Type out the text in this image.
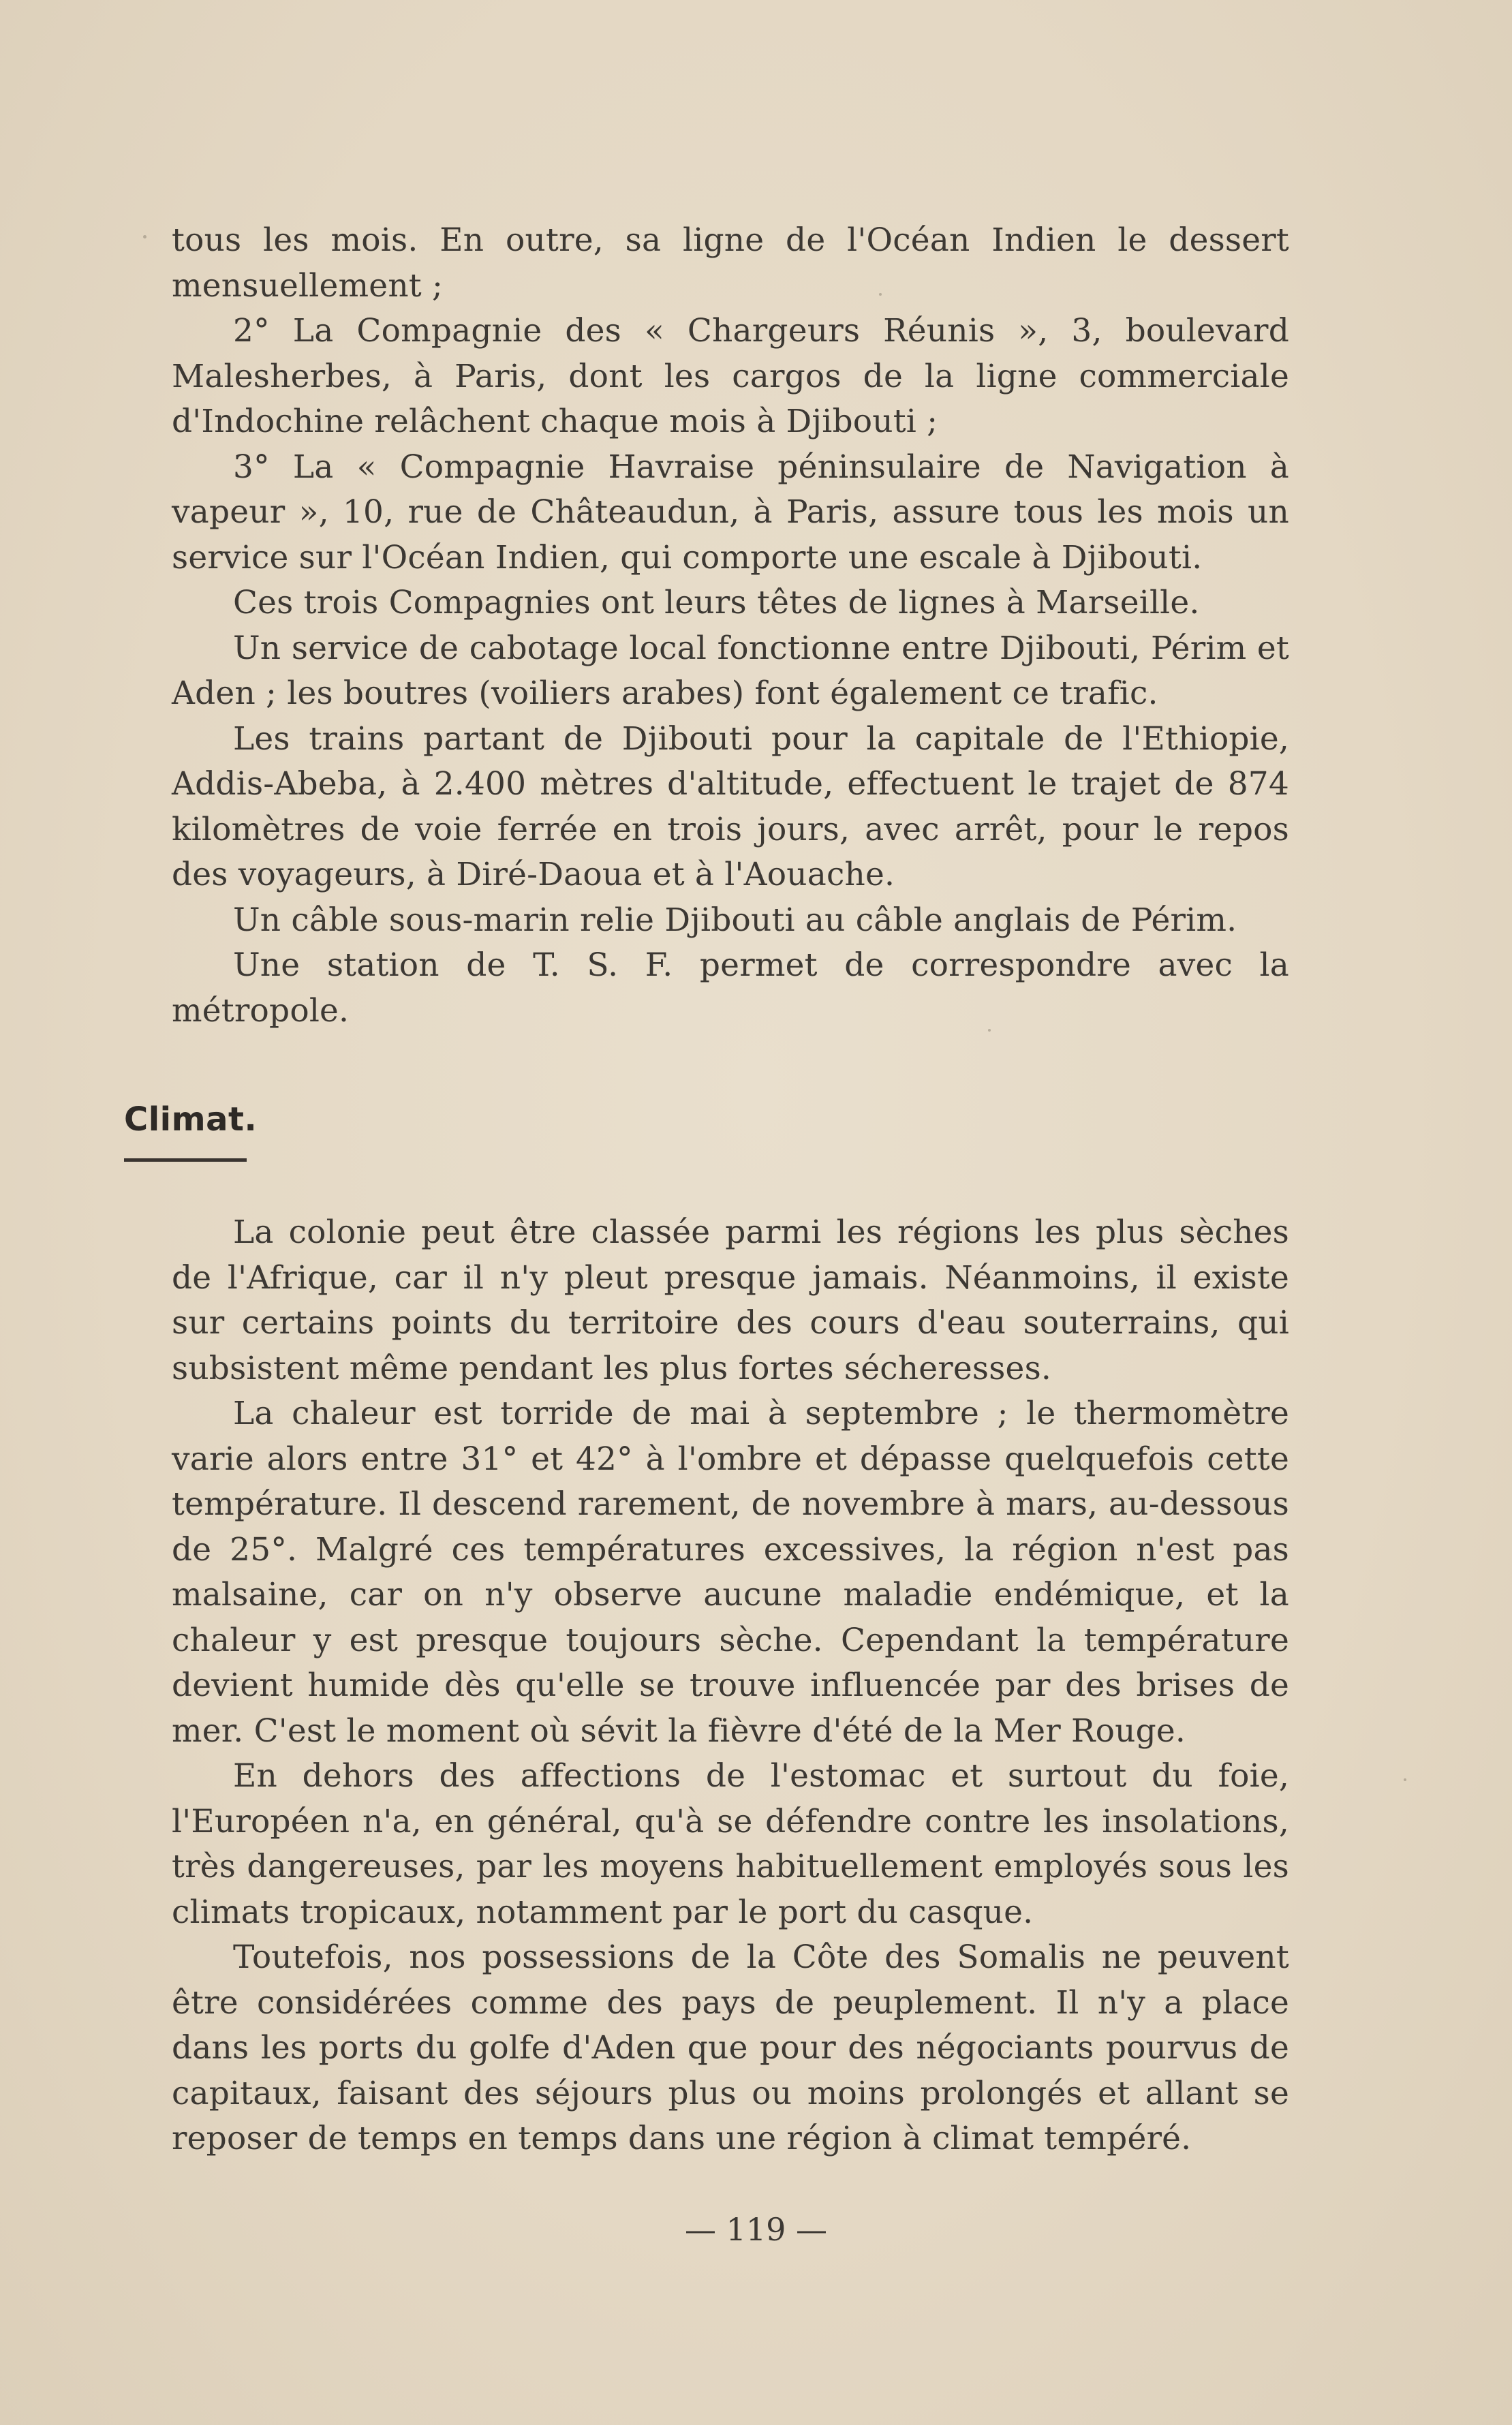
tous les mois. En outre, sa ligne de l'Océan Indien le dessert mensuellement ;

2° La Compagnie des « Chargeurs Réunis », 3, boulevard Malesherbes, à Paris, dont les cargos de la ligne commerciale d'Indochine relâchent chaque mois à Djibouti ;

3° La « Compagnie Havraise péninsulaire de Navigation à vapeur », 10, rue de Châteaudun, à Paris, assure tous les mois un service sur l'Océan Indien, qui comporte une escale à Djibouti.

Ces trois Compagnies ont leurs têtes de lignes à Marseille.

Un service de cabotage local fonctionne entre Djibouti, Périm et Aden ; les boutres (voiliers arabes) font également ce trafic.

Les trains partant de Djibouti pour la capitale de l'Ethiopie, Addis-Abeba, à 2.400 mètres d'altitude, effectuent le trajet de 874 kilomètres de voie ferrée en trois jours, avec arrêt, pour le repos des voyageurs, à Diré-Daoua et à l'Aouache.

Un câble sous-marin relie Djibouti au câble anglais de Périm.

Une station de T. S. F. permet de correspondre avec la métropole.

Climat.

La colonie peut être classée parmi les régions les plus sèches de l'Afrique, car il n'y pleut presque jamais. Néanmoins, il existe sur certains points du territoire des cours d'eau souterrains, qui subsistent même pendant les plus fortes sécheresses.

La chaleur est torride de mai à septembre ; le thermomètre varie alors entre 31° et 42° à l'ombre et dépasse quelquefois cette température. Il descend rarement, de novembre à mars, au-dessous de 25°. Malgré ces températures excessives, la région n'est pas malsaine, car on n'y observe aucune maladie endémique, et la chaleur y est presque toujours sèche. Cependant la température devient humide dès qu'elle se trouve influencée par des brises de mer. C'est le moment où sévit la fièvre d'été de la Mer Rouge.

En dehors des affections de l'estomac et surtout du foie, l'Européen n'a, en général, qu'à se défendre contre les insolations, très dangereuses, par les moyens habituellement employés sous les climats tropicaux, notamment par le port du casque.

Toutefois, nos possessions de la Côte des Somalis ne peuvent être considérées comme des pays de peuplement. Il n'y a place dans les ports du golfe d'Aden que pour des négociants pourvus de capitaux, faisant des séjours plus ou moins prolongés et allant se reposer de temps en temps dans une région à climat tempéré.

— 119 —
